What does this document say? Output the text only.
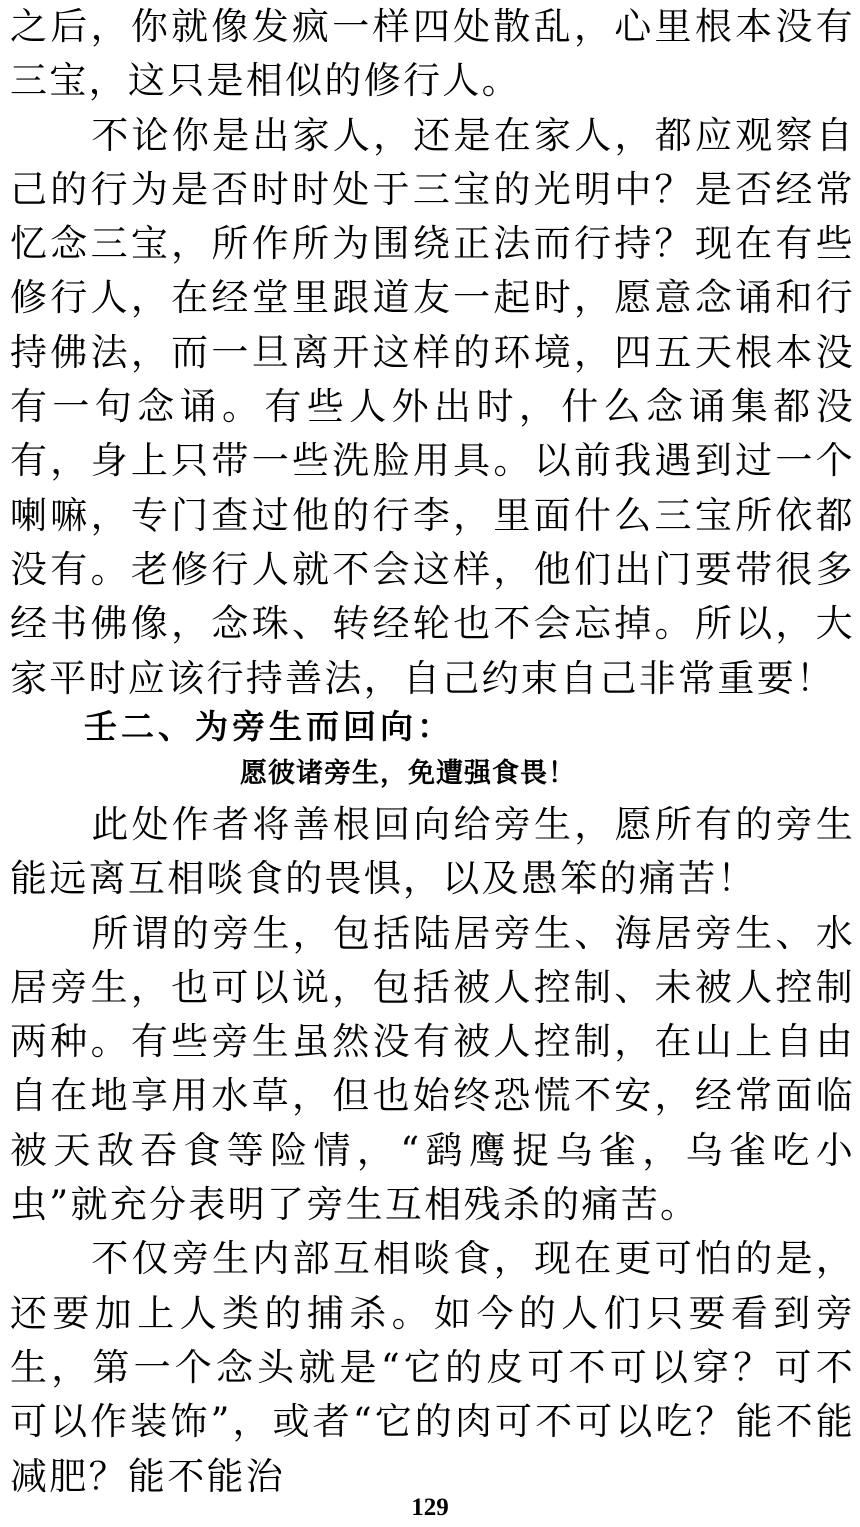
之后，你就像发疯一样四处散乱，心里根本没有三宝，这只是相似的修行人。

不论你是出家人，还是在家人，都应观察自己的行为是否时时处于三宝的光明中？是否经常忆念三宝，所作所为围绕正法而行持？现在有些修行人，在经堂里跟道友一起时，愿意念诵和行持佛法，而一旦离开这样的环境，四五天根本没有一句念诵。有些人外出时，什么念诵集都没有，身上只带一些洗脸用具。以前我遇到过一个喇嘛，专门查过他的行李，里面什么三宝所依都没有。老修行人就不会这样，他们出门要带很多经书佛像，念珠、转经轮也不会忘掉。所以，大家平时应该行持善法，自己约束自己非常重要！

壬二、为旁生而回向：

愿彼诸旁生，免遭强食畏！

此处作者将善根回向给旁生，愿所有的旁生能远离互相啖食的畏惧，以及愚笨的痛苦！

所谓的旁生，包括陆居旁生、海居旁生、水居旁生，也可以说，包括被人控制、未被人控制两种。有些旁生虽然没有被人控制，在山上自由自在地享用水草，但也始终恐慌不安，经常面临被天敌吞食等险情，“鹞鹰捉乌雀，乌雀吃小虫”就充分表明了旁生互相残杀的痛苦。

不仅旁生内部互相啖食，现在更可怕的是，还要加上人类的捕杀。如今的人们只要看到旁生，第一个念头就是“它的皮可不可以穿？可不可以作装饰”，或者“它的肉可不可以吃？能不能减肥？能不能治

129
